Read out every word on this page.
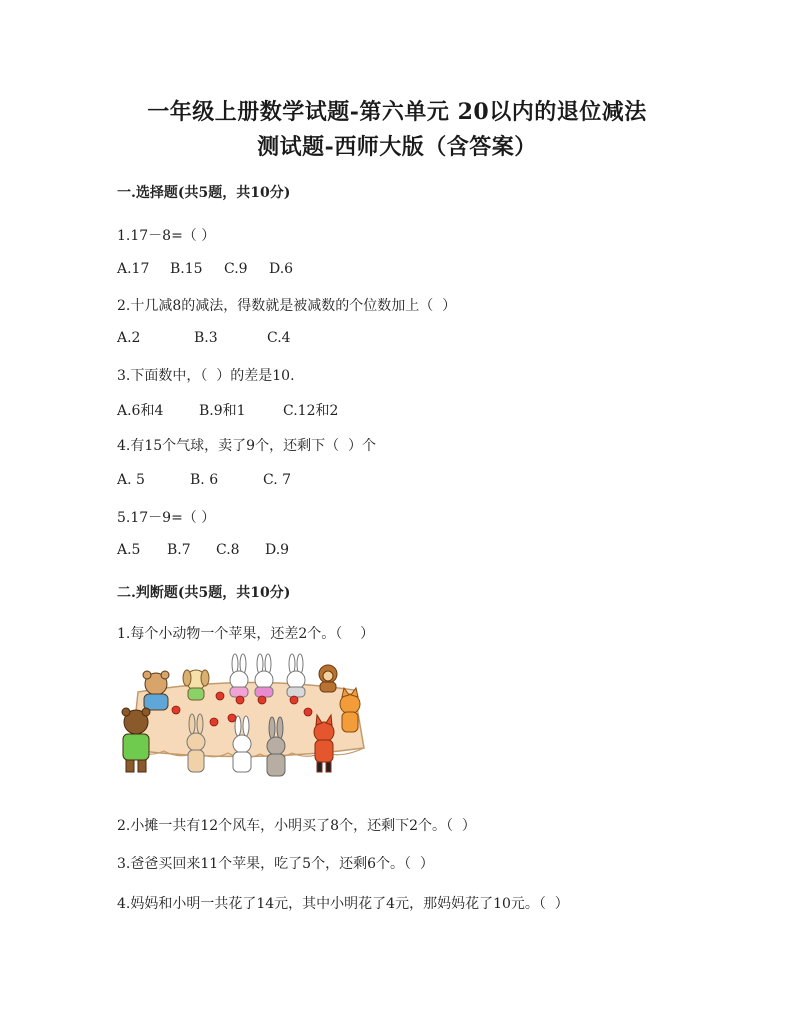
一年级上册数学试题-第六单元 20以内的退位减法
测试题-西师大版（含答案）
一.选择题(共5题，共10分)
1.17－8=（ ）
A.17 B.15 C.9 D.6
2.十几减8的减法，得数就是被减数的个位数加上（  ）
A.2	B.3	C.4
3.下面数中，（  ）的差是10.
A.6和4	B.9和1	C.12和2
4.有15个气球，卖了9个，还剩下（  ）个
A. 5	B. 6	C. 7
5.17－9=（ ）
A.5 B.7 C.8 D.9
二.判断题(共5题，共10分)
1.每个小动物一个苹果，还差2个。（    ）
2.小摊一共有12个风车，小明买了8个，还剩下2个。（  ）
3.爸爸买回来11个苹果，吃了5个，还剩6个。（  ）
4.妈妈和小明一共花了14元，其中小明花了4元，那妈妈花了10元。（  ）
